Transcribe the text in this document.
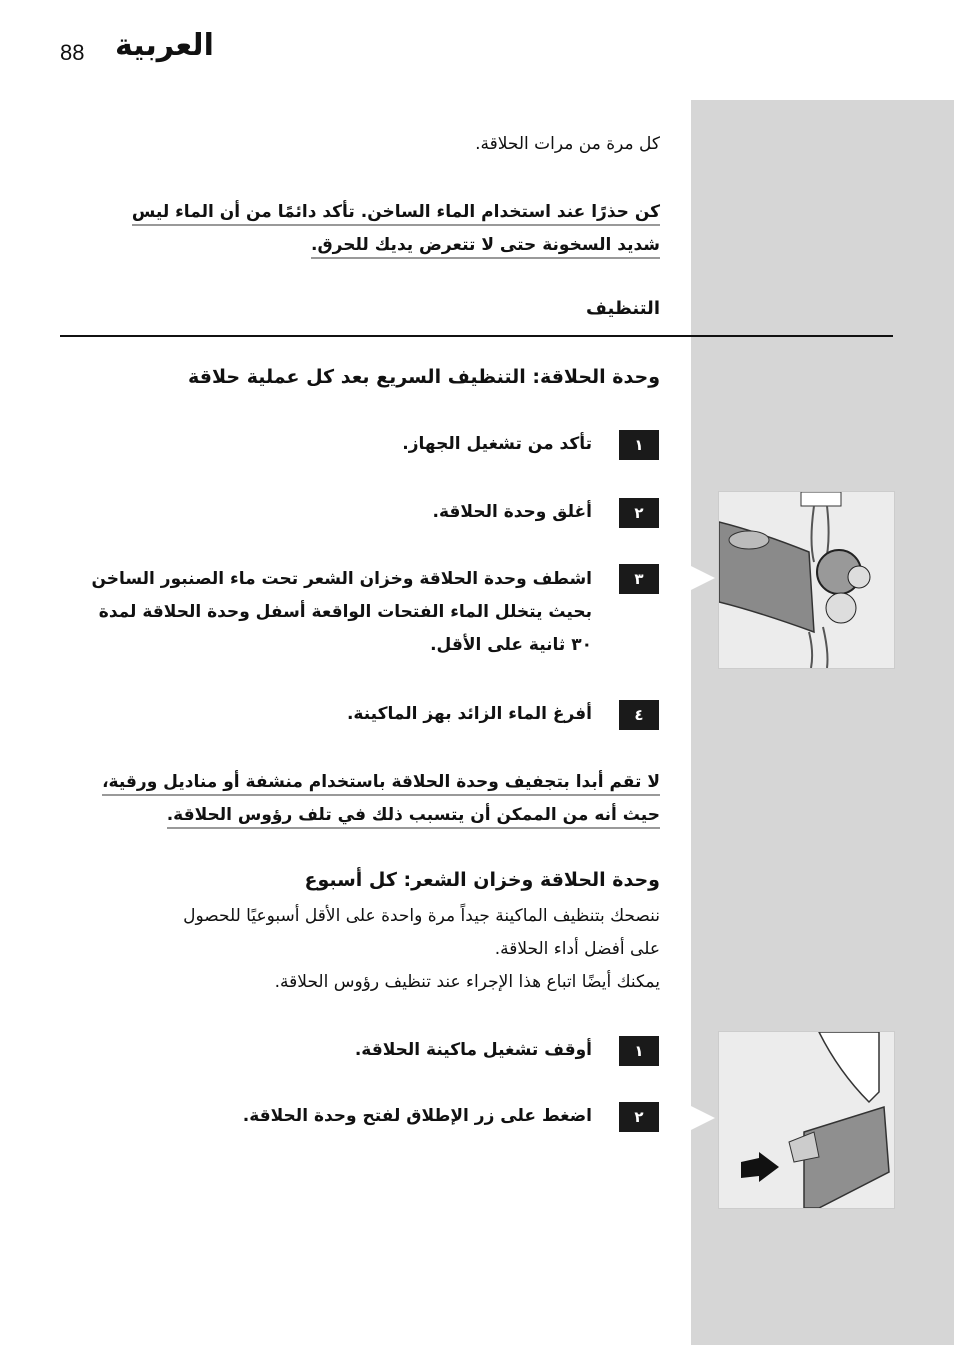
88 العربية
كل مرة من مرات الحلاقة.
كن حذرًا عند استخدام الماء الساخن. تأكد دائمًا من أن الماء ليس
شديد السخونة حتى لا تتعرض يديك للحرق.
التنظيف
وحدة الحلاقة: التنظيف السريع بعد كل عملية حلاقة
١
تأكد من تشغيل الجهاز.
٢
أغلق وحدة الحلاقة.
٣
اشطف وحدة الحلاقة وخزان الشعر تحت ماء الصنبور الساخن
بحيث يتخلل الماء الفتحات الواقعة أسفل وحدة الحلاقة لمدة
٣٠ ثانية على الأقل.
٤
أفرغ الماء الزائد بهز الماكينة.
لا تقم أبدا بتجفيف وحدة الحلاقة باستخدام منشفة أو مناديل ورقية،
حيث أنه من الممكن أن يتسبب ذلك في تلف رؤوس الحلاقة.
وحدة الحلاقة وخزان الشعر: كل أسبوع
ننصحك بتنظيف الماكينة جيداً مرة واحدة على الأقل أسبوعيًا للحصول
على أفضل أداء الحلاقة.
يمكنك أيضًا اتباع هذا الإجراء عند تنظيف رؤوس الحلاقة.
١
أوقف تشغيل ماكينة الحلاقة.
٢
اضغط على زر الإطلاق لفتح وحدة الحلاقة.
